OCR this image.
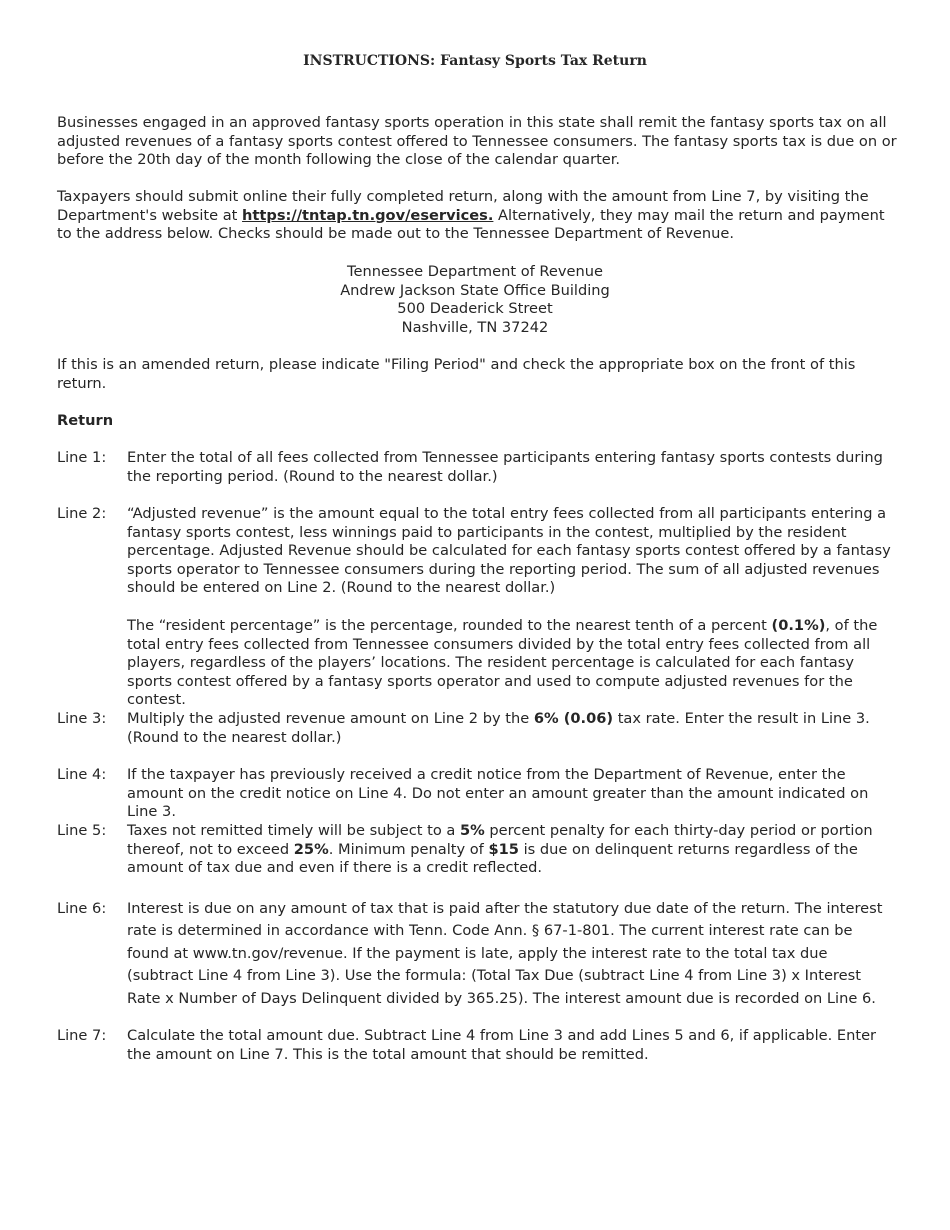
INSTRUCTIONS: Fantasy Sports Tax Return
Businesses engaged in an approved fantasy sports operation in this state shall remit the fantasy sports tax on all adjusted revenues of a fantasy sports contest offered to Tennessee consumers. The fantasy sports tax is due on or before the 20th day of the month following the close of the calendar quarter.
Taxpayers should submit online their fully completed return, along with the amount from Line 7, by visiting the Department's website at https://tntap.tn.gov/eservices. Alternatively, they may mail the return and payment to the address below. Checks should be made out to the Tennessee Department of Revenue.
Tennessee Department of Revenue
Andrew Jackson State Office Building
500 Deaderick Street
Nashville, TN 37242
If this is an amended return, please indicate "Filing Period" and check the appropriate box on the front of this return.
Return
Line 1: Enter the total of all fees collected from Tennessee participants entering fantasy sports contests during the reporting period. (Round to the nearest dollar.)
Line 2: “Adjusted revenue” is the amount equal to the total entry fees collected from all participants entering a fantasy sports contest, less winnings paid to participants in the contest, multiplied by the resident percentage. Adjusted Revenue should be calculated for each fantasy sports contest offered by a fantasy sports operator to Tennessee consumers during the reporting period. The sum of all adjusted revenues should be entered on Line 2. (Round to the nearest dollar.)
The “resident percentage” is the percentage, rounded to the nearest tenth of a percent (0.1%), of the total entry fees collected from Tennessee consumers divided by the total entry fees collected from all players, regardless of the players’ locations. The resident percentage is calculated for each fantasy sports contest offered by a fantasy sports operator and used to compute adjusted revenues for the contest.
Line 3: Multiply the adjusted revenue amount on Line 2 by the 6% (0.06) tax rate. Enter the result in Line 3. (Round to the nearest dollar.)
Line 4: If the taxpayer has previously received a credit notice from the Department of Revenue, enter the amount on the credit notice on Line 4. Do not enter an amount greater than the amount indicated on Line 3.
Line 5: Taxes not remitted timely will be subject to a 5% percent penalty for each thirty-day period or portion thereof, not to exceed 25%. Minimum penalty of $15 is due on delinquent returns regardless of the amount of tax due and even if there is a credit reflected.
Line 6: Interest is due on any amount of tax that is paid after the statutory due date of the return. The interest rate is determined in accordance with Tenn. Code Ann. § 67-1-801. The current interest rate can be found at www.tn.gov/revenue. If the payment is late, apply the interest rate to the total tax due (subtract Line 4 from Line 3). Use the formula: (Total Tax Due (subtract Line 4 from Line 3) x Interest Rate x Number of Days Delinquent divided by 365.25). The interest amount due is recorded on Line 6.
Line 7: Calculate the total amount due. Subtract Line 4 from Line 3 and add Lines 5 and 6, if applicable. Enter the amount on Line 7. This is the total amount that should be remitted.
